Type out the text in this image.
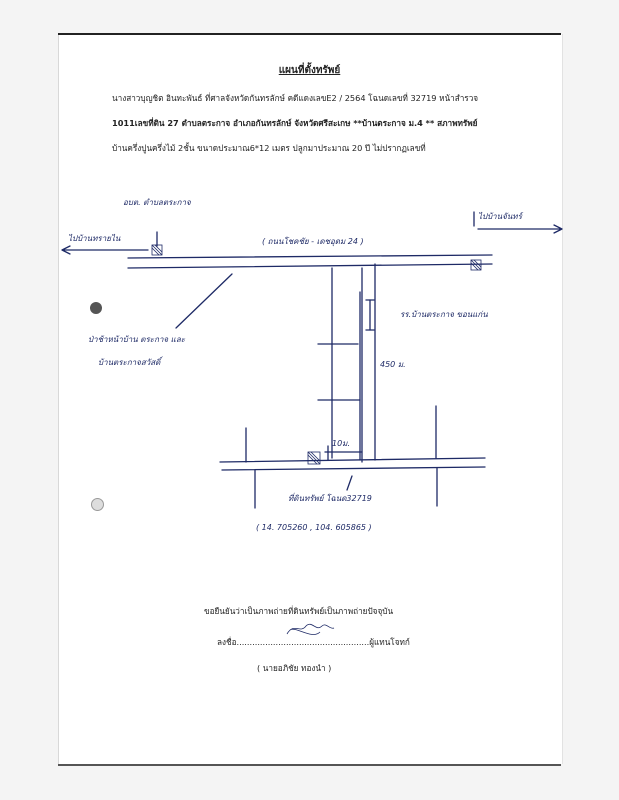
แผนที่ตั้งทรัพย์
นางสาวบุญชิต อินทะพันธ์ ที่ศาลจังหวัดกันทรลักษ์ คดีแดงเลขE2 / 2564 โฉนดเลขที่ 32719 หน้าสำรวจ
1011เลขที่ดิน 27 ตำบลตระกาจ อำเภอกันทรลักษ์ จังหวัดศรีสะเกษ **บ้านตระกาจ ม.4 ** สภาพทรัพย์
บ้านครึ่งปูนครึ่งไม้ 2ชั้น ขนาดประมาณ6*12 เมตร ปลูกมาประมาณ 20 ปี ไม่ปรากฏเลขที่
อบต. ตำบลตระกาจ
ไปบ้านทรายไน	( ถนนโชคชัย - เดชอุดม 24 )
ไปบ้านจันทร์
รร.บ้านตระกาจ ขอนแก่น
ป่าช้าหน้าบ้าน ตระกาจ และ
บ้านตระกาจสวัสดิ์	450 ม.
10ม.
ที่ดินทรัพย์ โฉนด32719
( 14. 705260 , 104. 605865 )
ขอยืนยันว่าเป็นภาพถ่ายที่ดินทรัพย์เป็นภาพถ่ายปัจจุบัน
ลงชื่อ...................................................ผู้แทนโจทก์
( นายอภิชัย ทองนำ )
